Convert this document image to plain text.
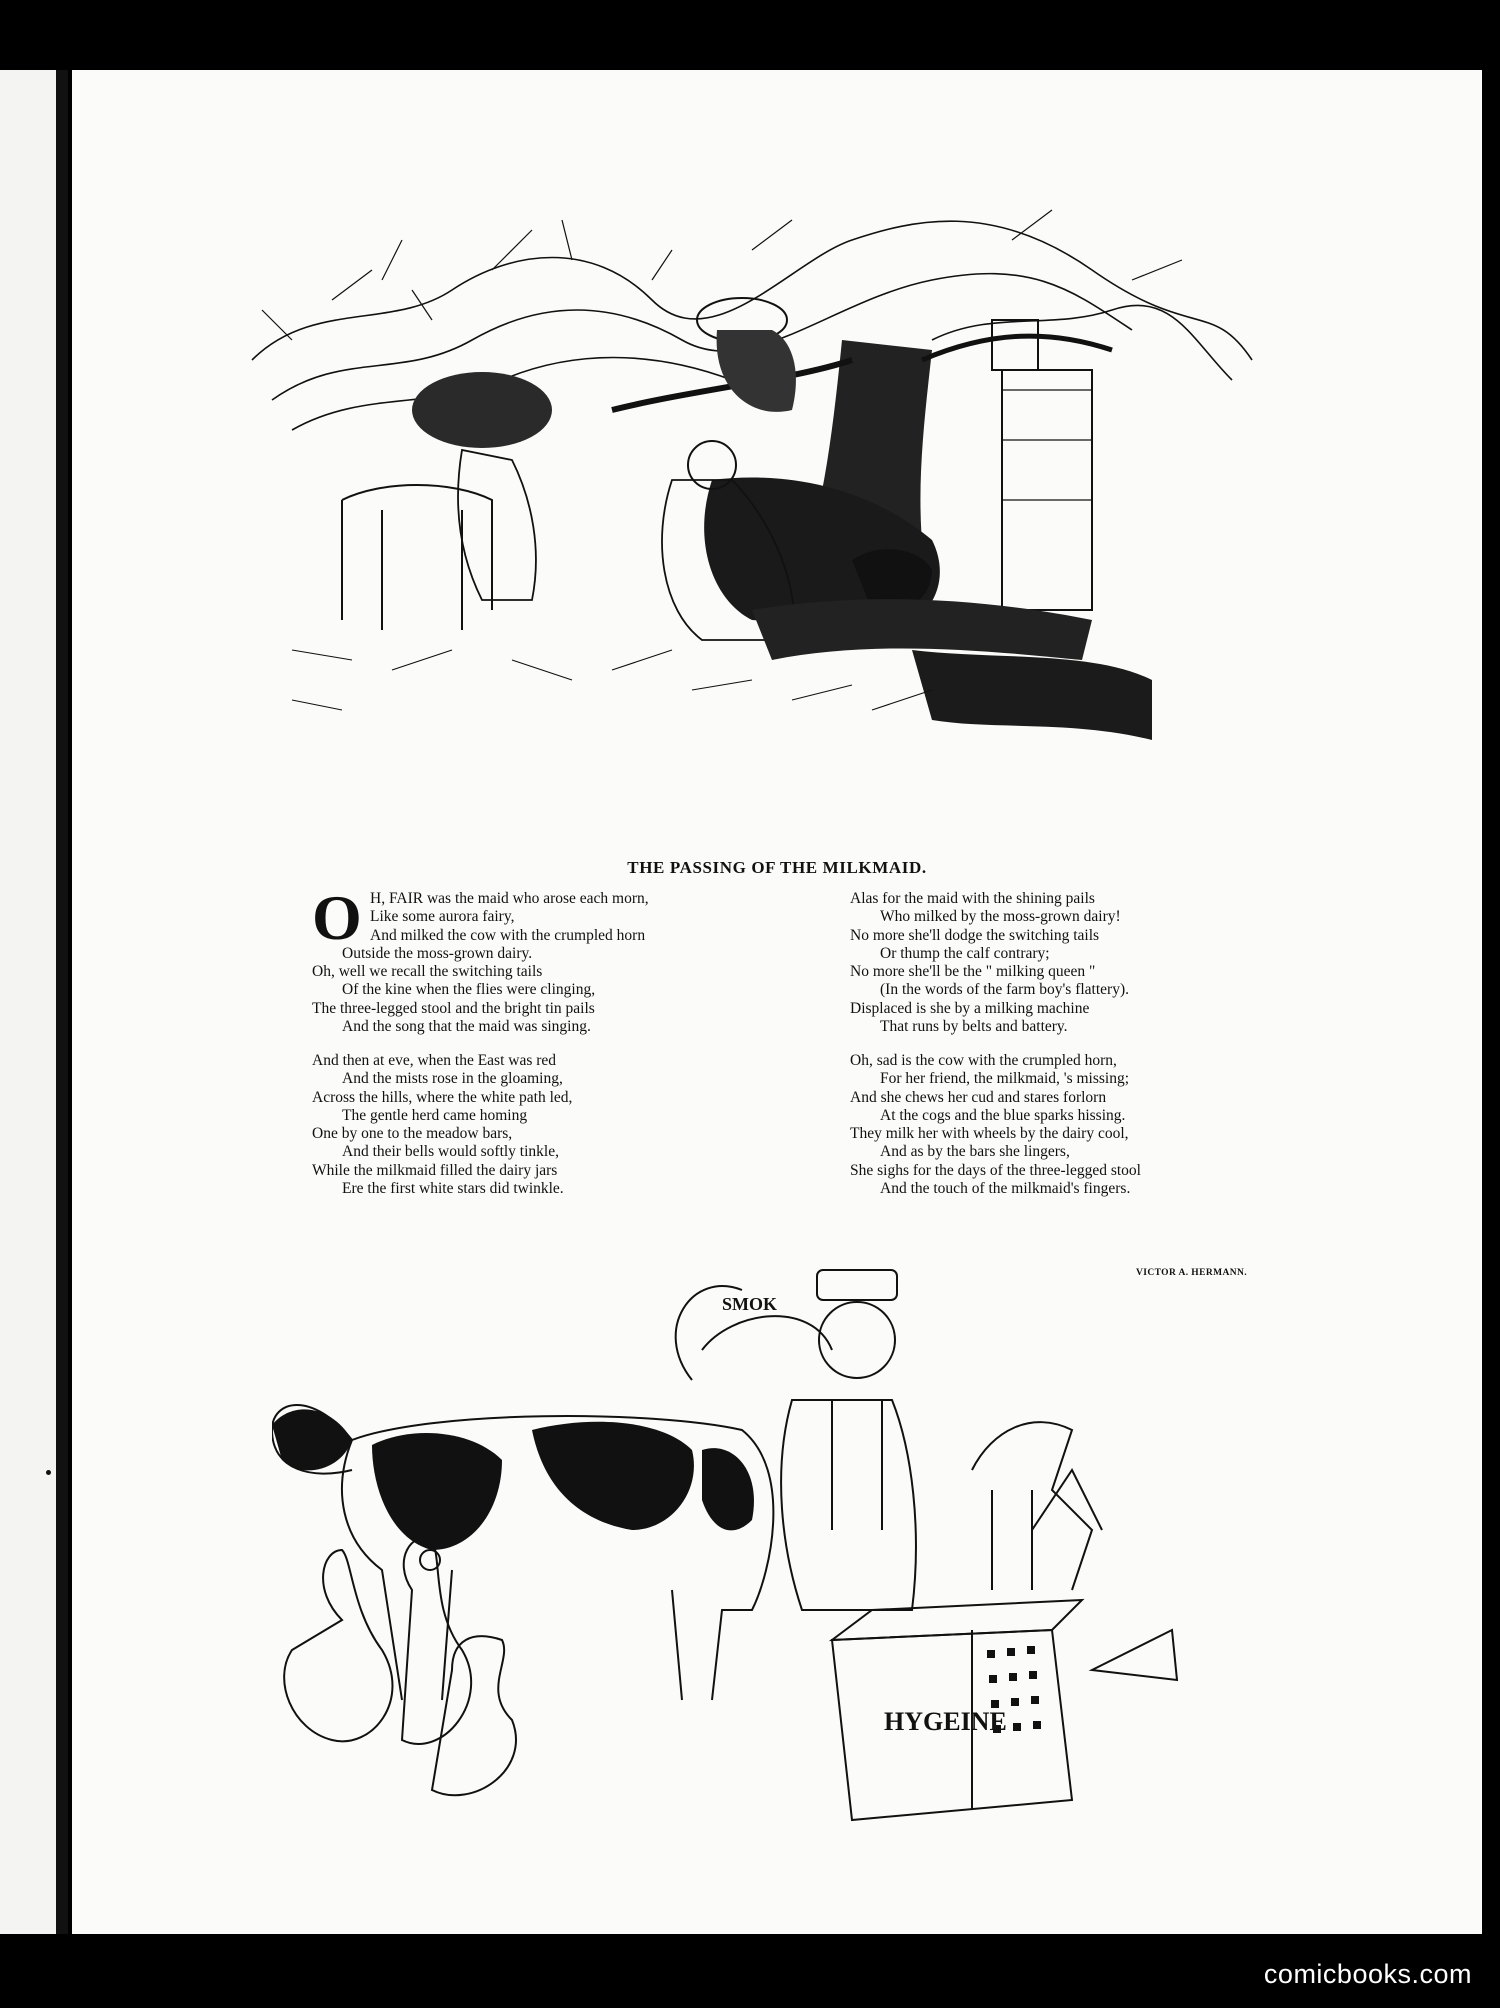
THE PASSING OF THE MILKMAID.
O H, FAIR was the maid who arose each morn,
Like some aurora fairy,
And milked the cow with the crumpled horn
Outside the moss-grown dairy.
Oh, well we recall the switching tails
Of the kine when the flies were clinging,
The three-legged stool and the bright tin pails
And the song that the maid was singing.
And then at eve, when the East was red
And the mists rose in the gloaming,
Across the hills, where the white path led,
The gentle herd came homing
One by one to the meadow bars,
And their bells would softly tinkle,
While the milkmaid filled the dairy jars
Ere the first white stars did twinkle.
Alas for the maid with the shining pails
Who milked by the moss-grown dairy!
No more she'll dodge the switching tails
Or thump the calf contrary;
No more she'll be the " milking queen "
(In the words of the farm boy's flattery).
Displaced is she by a milking machine
That runs by belts and battery.
Oh, sad is the cow with the crumpled horn,
For her friend, the milkmaid, 's missing;
And she chews her cud and stares forlorn
At the cogs and the blue sparks hissing.
They milk her with wheels by the dairy cool,
And as by the bars she lingers,
She sighs for the days of the three-legged stool
And the touch of the milkmaid's fingers.
VICTOR A. HERMANN.
HYGEINE
SMOK
comicbooks.com
